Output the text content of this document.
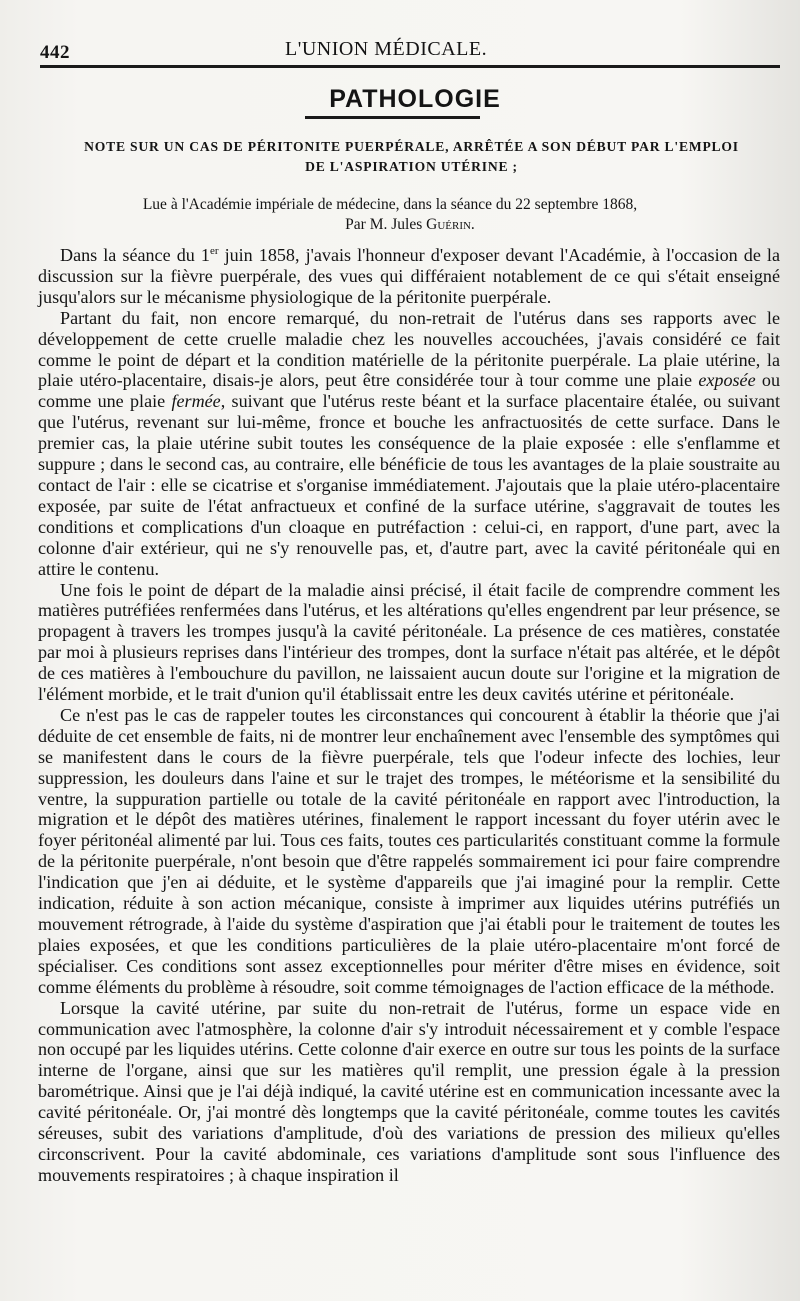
442	L'UNION MÉDICALE.
PATHOLOGIE
NOTE SUR UN CAS DE PÉRITONITE PUERPÉRALE, ARRÊTÉE A SON DÉBUT PAR L'EMPLOI
DE L'ASPIRATION UTÉRINE ;
Lue à l'Académie impériale de médecine, dans la séance du 22 septembre 1868,
Par M. Jules Guérin.

Dans la séance du 1er juin 1858, j'avais l'honneur d'exposer devant l'Académie, à l'occasion de la discussion sur la fièvre puerpérale, des vues qui différaient notablement de ce qui s'était enseigné jusqu'alors sur le mécanisme physiologique de la péritonite puerpérale.

Partant du fait, non encore remarqué, du non-retrait de l'utérus dans ses rapports avec le développement de cette cruelle maladie chez les nouvelles accouchées, j'avais considéré ce fait comme le point de départ et la condition matérielle de la péritonite puerpérale. La plaie utérine, la plaie utéro-placentaire, disais-je alors, peut être considérée tour à tour comme une plaie exposée ou comme une plaie fermée, suivant que l'utérus reste béant et la surface placentaire étalée, ou suivant que l'utérus, revenant sur lui-même, fronce et bouche les anfractuosités de cette surface. Dans le premier cas, la plaie utérine subit toutes les conséquence de la plaie exposée : elle s'enflamme et suppure ; dans le second cas, au contraire, elle bénéficie de tous les avantages de la plaie soustraite au contact de l'air : elle se cicatrise et s'organise immédiatement. J'ajoutais que la plaie utéro-placentaire exposée, par suite de l'état anfractueux et confiné de la surface utérine, s'aggravait de toutes les conditions et complications d'un cloaque en putréfaction : celui-ci, en rapport, d'une part, avec la colonne d'air extérieur, qui ne s'y renouvelle pas, et, d'autre part, avec la cavité péritonéale qui en attire le contenu.

Une fois le point de départ de la maladie ainsi précisé, il était facile de comprendre comment les matières putréfiées renfermées dans l'utérus, et les altérations qu'elles engendrent par leur présence, se propagent à travers les trompes jusqu'à la cavité péritonéale. La présence de ces matières, constatée par moi à plusieurs reprises dans l'intérieur des trompes, dont la surface n'était pas altérée, et le dépôt de ces matières à l'embouchure du pavillon, ne laissaient aucun doute sur l'origine et la migration de l'élément morbide, et le trait d'union qu'il établissait entre les deux cavités utérine et péritonéale.

Ce n'est pas le cas de rappeler toutes les circonstances qui concourent à établir la théorie que j'ai déduite de cet ensemble de faits, ni de montrer leur enchaînement avec l'ensemble des symptômes qui se manifestent dans le cours de la fièvre puerpérale, tels que l'odeur infecte des lochies, leur suppression, les douleurs dans l'aine et sur le trajet des trompes, le météorisme et la sensibilité du ventre, la suppuration partielle ou totale de la cavité péritonéale en rapport avec l'introduction, la migration et le dépôt des matières utérines, finalement le rapport incessant du foyer utérin avec le foyer péritonéal alimenté par lui. Tous ces faits, toutes ces particularités constituant comme la formule de la péritonite puerpérale, n'ont besoin que d'être rappelés sommairement ici pour faire comprendre l'indication que j'en ai déduite, et le système d'appareils que j'ai imaginé pour la remplir. Cette indication, réduite à son action mécanique, consiste à imprimer aux liquides utérins putréfiés un mouvement rétrograde, à l'aide du système d'aspiration que j'ai établi pour le traitement de toutes les plaies exposées, et que les conditions particulières de la plaie utéro-placentaire m'ont forcé de spécialiser. Ces conditions sont assez exceptionnelles pour mériter d'être mises en évidence, soit comme éléments du problème à résoudre, soit comme témoignages de l'action efficace de la méthode.

Lorsque la cavité utérine, par suite du non-retrait de l'utérus, forme un espace vide en communication avec l'atmosphère, la colonne d'air s'y introduit nécessairement et y comble l'espace non occupé par les liquides utérins. Cette colonne d'air exerce en outre sur tous les points de la surface interne de l'organe, ainsi que sur les matières qu'il remplit, une pression égale à la pression barométrique. Ainsi que je l'ai déjà indiqué, la cavité utérine est en communication incessante avec la cavité péritonéale. Or, j'ai montré dès longtemps que la cavité péritonéale, comme toutes les cavités séreuses, subit des variations d'amplitude, d'où des variations de pression des milieux qu'elles circonscrivent. Pour la cavité abdominale, ces variations d'amplitude sont sous l'influence des mouvements respiratoires ; à chaque inspiration il
